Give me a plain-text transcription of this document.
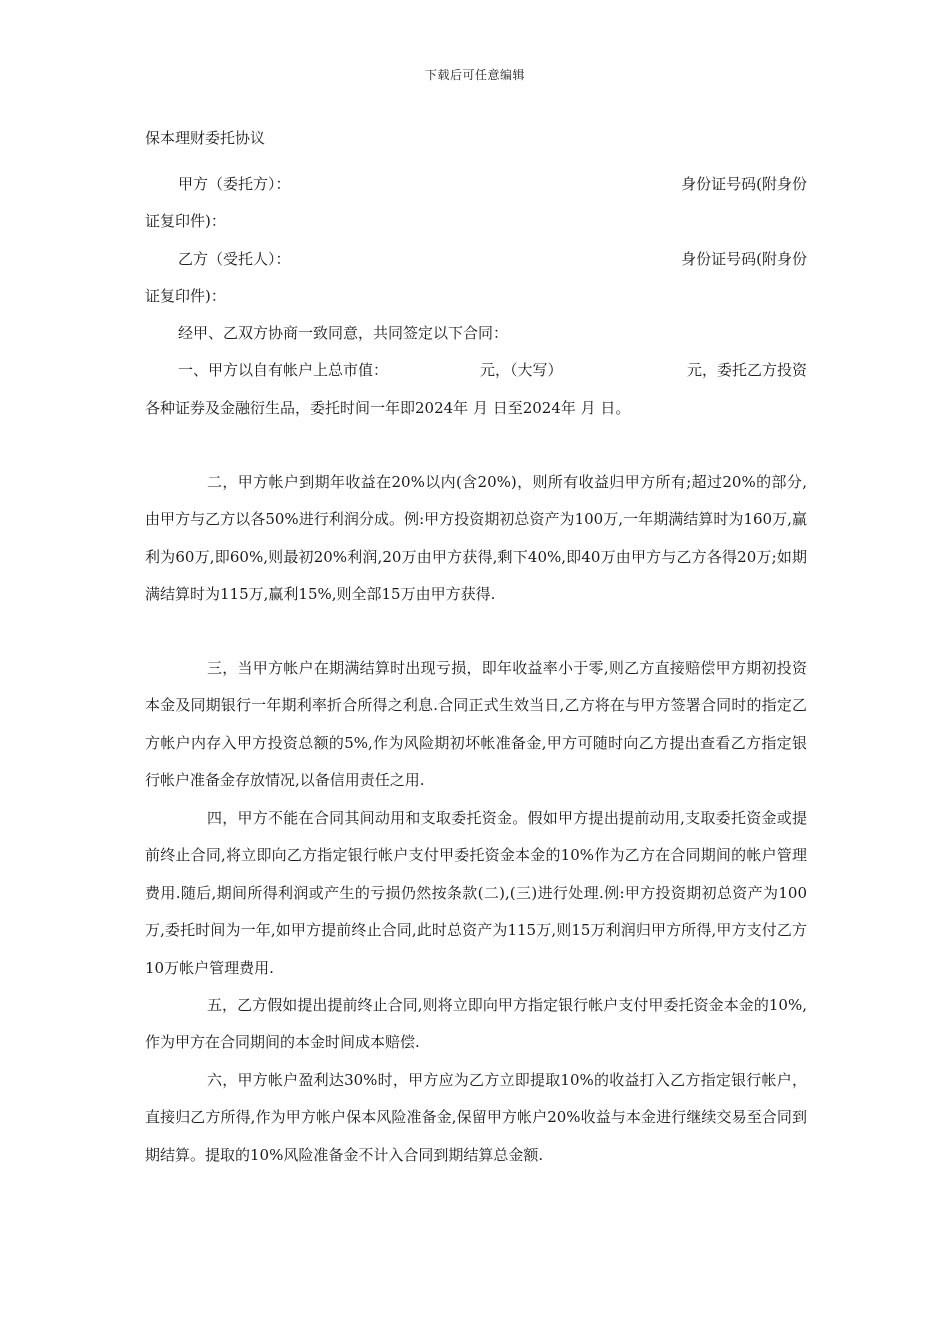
下载后可任意编辑
保本理财委托协议
甲方（委托方）：	身份证号码(附身份
证复印件)：
乙方（受托人）：	身份证号码(附身份
证复印件)：
经甲、乙双方协商一致同意，共同签定以下合同：
一、甲方以自有帐户上总市值：	元，（大写）	元，委托乙方投资
各种证券及金融衍生品，委托时间一年即2024年 月 日至2024年 月 日。
二，甲方帐户到期年收益在20%以内(含20%)，则所有收益归甲方所有;超过20%的部分,由甲方与乙方以各50%进行利润分成。例:甲方投资期初总资产为100万,一年期满结算时为160万,赢利为60万,即60%,则最初20%利润,20万由甲方获得,剩下40%,即40万由甲方与乙方各得20万;如期满结算时为115万,赢利15%,则全部15万由甲方获得.
三，当甲方帐户在期满结算时出现亏损，即年收益率小于零,则乙方直接赔偿甲方期初投资本金及同期银行一年期利率折合所得之利息.合同正式生效当日,乙方将在与甲方签署合同时的指定乙方帐户内存入甲方投资总额的5%,作为风险期初坏帐准备金,甲方可随时向乙方提出查看乙方指定银行帐户准备金存放情况,以备信用责任之用.
四，甲方不能在合同其间动用和支取委托资金。假如甲方提出提前动用,支取委托资金或提前终止合同,将立即向乙方指定银行帐户支付甲委托资金本金的10%作为乙方在合同期间的帐户管理费用.随后,期间所得利润或产生的亏损仍然按条款(二),(三)进行处理.例:甲方投资期初总资产为100万,委托时间为一年,如甲方提前终止合同,此时总资产为115万,则15万利润归甲方所得,甲方支付乙方10万帐户管理费用.
五，乙方假如提出提前终止合同,则将立即向甲方指定银行帐户支付甲委托资金本金的10%,作为甲方在合同期间的本金时间成本赔偿.
六，甲方帐户盈利达30%时，甲方应为乙方立即提取10%的收益打入乙方指定银行帐户，直接归乙方所得,作为甲方帐户保本风险准备金,保留甲方帐户20%收益与本金进行继续交易至合同到期结算。提取的10%风险准备金不计入合同到期结算总金额.
